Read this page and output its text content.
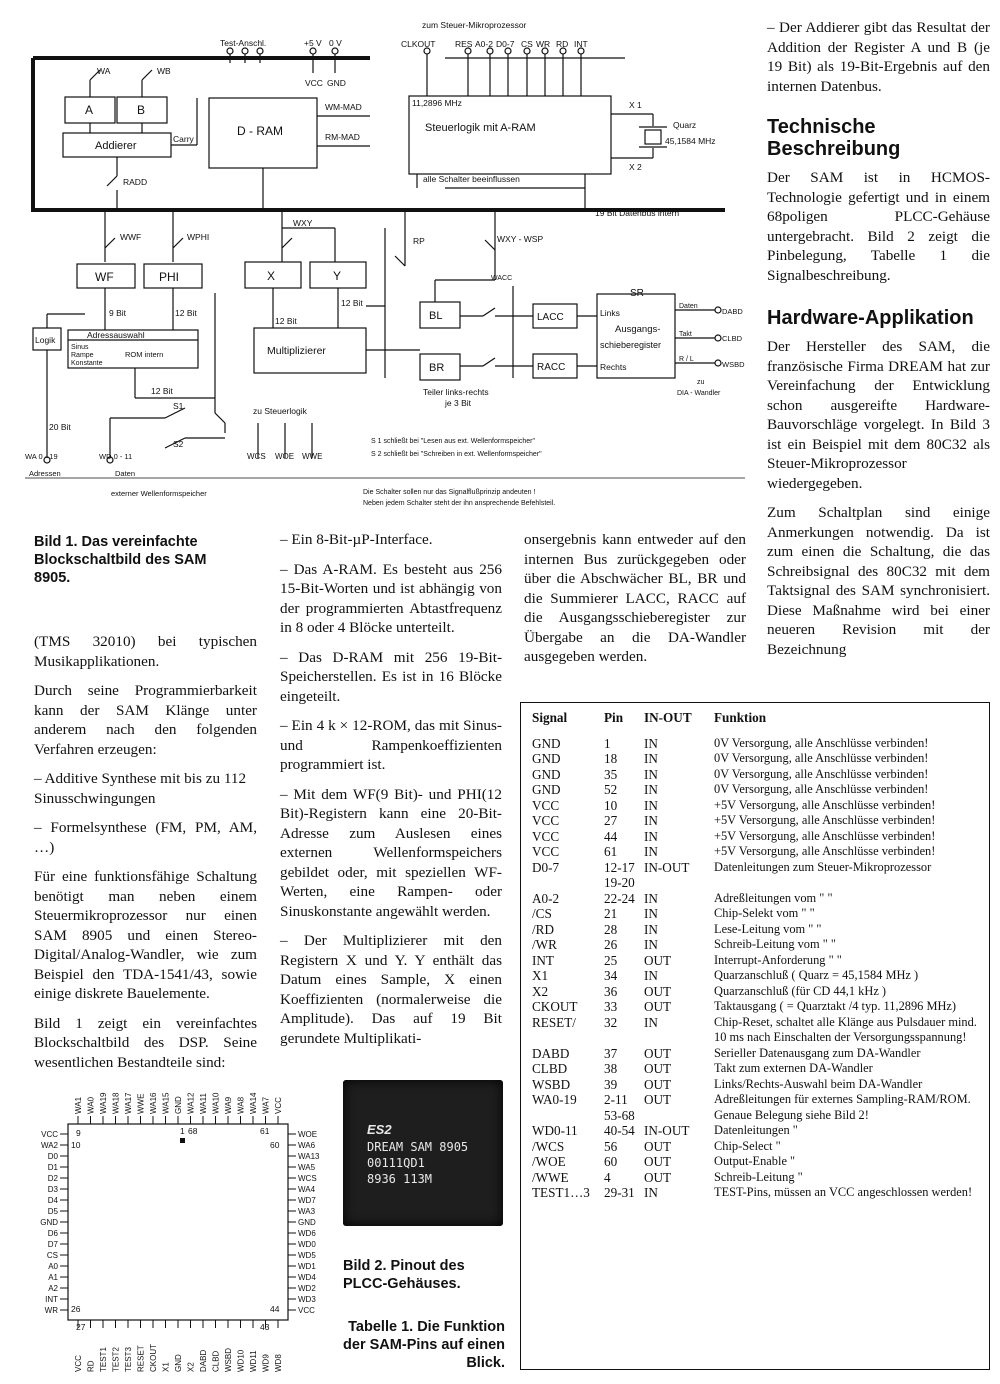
zum Steuer-Mikroprozessor
Test-Anschl.	+5 V 0 V
VCC GND
CLKOUT RES A0-2 D0-7 CS WR RD INT
WA	WB
A	B
Addierer
Carry
RADD
D - RAM
WM-MAD
RM-MAD
11,2896 MHz
Steuerlogik mit A-RAM
alle Schalter beeinflussen
X 1
X 2
Quarz
45,1584 MHz
19 Bit Datenbus intern
WWF	WPHI
WXY
RP	WXY - WSP
WF	PHI	X	Y
9 Bit	12 Bit
12 Bit
12 Bit
12 Bit
20 Bit
Logik	Adressauswahl
Sinus
Rampe
Konstante
ROM intern	Multiplizierer
WACC
BL
BR
LACC
RACC
SR
Links
Ausgangs-
schieberegister
Rechts
Daten
Takt
R / L
DABD
CLBD
WSBD
zu
DIA - Wandler
Teiler links-rechts
je 3 Bit
S1
S2
zu Steuerlogik
WCS WOE WWE
WA 0 - 19
Adressen
WD 0 - 11
Daten
externer Wellenformspeicher
S 1 schließt bei "Lesen aus ext. Wellenformspeicher"
S 2 schließt bei "Schreiben in ext. Wellenformspeicher"
Die Schalter sollen nur das Signalflußprinzip andeuten !
Neben jedem Schalter steht der ihn ansprechende Befehlsteil.
Bild 1. Das vereinfachte Blockschaltbild des SAM 8905.

(TMS 32010) bei typischen Musikapplikationen.

Durch seine Programmierbarkeit kann der SAM Klänge unter anderem nach den folgenden Verfahren erzeugen:

– Additive Synthese mit bis zu 112 Sinusschwingungen

– Formelsynthese (FM, PM, AM, …)

Für eine funktionsfähige Schaltung benötigt man neben einem Steuermikroprozessor nur einen SAM 8905 und einen Stereo-Digital/Analog-Wandler, wie zum Beispiel den TDA-1541/43, sowie einige diskrete Bauelemente.

Bild 1 zeigt ein vereinfachtes Blockschaltbild des DSP. Seine wesentlichen Bestandteile sind:

– Ein 8-Bit-µP-Interface.

– Das A-RAM. Es besteht aus 256 15-Bit-Worten und ist abhängig von der programmierten Abtastfrequenz in 8 oder 4 Blöcke unterteilt.

– Das D-RAM mit 256 19-Bit-Speicherstellen. Es ist in 16 Blöcke eingeteilt.

– Ein 4 k × 12-ROM, das mit Sinus- und Rampenkoeffizienten programmiert ist.

– Mit dem WF(9 Bit)- und PHI(12 Bit)-Registern kann eine 20-Bit-Adresse zum Auslesen eines externen Wellenformspeichers gebildet oder, mit speziellen WF-Werten, eine Rampen- oder Sinuskonstante angewählt werden.

– Der Multiplizierer mit den Registern X und Y. Y enthält das Datum eines Sample, X einen Koeffizienten (normalerweise die Amplitude). Das auf 19 Bit gerundete Multiplikati-

onsergebnis kann entweder auf den internen Bus zurückgegeben oder über die Abschwächer BL, BR und die Summierer LACC, RACC auf die Ausgangsschieberegister zur Übergabe an die DA-Wandler ausgegeben werden.

– Der Addierer gibt das Resultat der Addition der Register A und B (je 19 Bit) als 19-Bit-Ergebnis auf den internen Datenbus.

Technische Beschreibung

Der SAM ist in HCMOS-Technologie gefertigt und in einem 68poligen PLCC-Gehäuse untergebracht. Bild 2 zeigt die Pinbelegung, Tabelle 1 die Signalbeschreibung.

Hardware-Applikation

Der Hersteller des SAM, die französische Firma DREAM hat zur Vereinfachung der Entwicklung schon ausgereifte Hardware-Bauvorschläge vorgelegt. In Bild 3 ist ein Beispiel mit dem 80C32 als Steuer-Mikroprozessor wiedergegeben.

Zum Schaltplan sind einige Anmerkungen notwendig. Da ist zum einen die Schaltung, die das Schreibsignal des 80C32 mit dem Taktsignal des SAM synchronisiert. Diese Maßnahme wird bei einer neueren Revision mit der Bezeichnung

WA1 WA0 WA19 WA18 WA17 WWE WA16 WA15 GND WA12 WA11 WA10 WA9 WA8 WA14 WA7 VCC
VCC RD TEST1 TEST2 TEST3 RESET CKOUT X1 GND X2 DABD CLBD WSBD WD10 WD11 WD9 WD8
VCC
WA2
D0
D1
D2
D3
D4
D5
GND
D6
D7
CS
A0
A1
A2
INT
WR
WOE
WA6
WA13
WA5
WCS
WA4
WD7
WA3
GND
WD6
WD0
WD5
WD1
WD4
WD2
WD3
VCC
9	1 68	61
10	60
26	44
27	43
ES2
DREAM SAM 8905
00111QD1
8936 113M
Bild 2. Pinout des PLCC-Gehäuses.
Tabelle 1. Die Funktion der SAM-Pins auf einen Blick.
Signal	Pin	IN-OUT	Funktion
GND	1	IN	0V Versorgung, alle Anschlüsse verbinden!
GND	18	IN	0V Versorgung, alle Anschlüsse verbinden!
GND	35	IN	0V Versorgung, alle Anschlüsse verbinden!
GND	52	IN	0V Versorgung, alle Anschlüsse verbinden!
VCC	10	IN	+5V Versorgung, alle Anschlüsse verbinden!
VCC	27	IN	+5V Versorgung, alle Anschlüsse verbinden!
VCC	44	IN	+5V Versorgung, alle Anschlüsse verbinden!
VCC	61	IN	+5V Versorgung, alle Anschlüsse verbinden!
D0-7	12-17 19-20	IN-OUT	Datenleitungen zum Steuer-Mikroprozessor
A0-2	22-24	IN	Adreßleitungen vom " "
/CS	21	IN	Chip-Selekt vom " "
/RD	28	IN	Lese-Leitung vom " "
/WR	26	IN	Schreib-Leitung vom " "
INT	25	OUT	Interrupt-Anforderung " "
X1	34	IN	Quarzanschluß ( Quarz = 45,1584 MHz )
X2	36	OUT	Quarzanschluß (für CD 44,1 kHz )
CKOUT	33	OUT	Taktausgang ( = Quarztakt /4 typ. 11,2896 MHz)
RESET/	32	IN	Chip-Reset, schaltet alle Klänge aus Pulsdauer mind. 10 ms nach Einschalten der Versorgungsspannung!
DABD	37	OUT	Serieller Datenausgang zum DA-Wandler
CLBD	38	OUT	Takt zum externen DA-Wandler
WSBD	39	OUT	Links/Rechts-Auswahl beim DA-Wandler
WA0-19	2-11 53-68	OUT	Adreßleitungen für externes Sampling-RAM/ROM. Genaue Belegung siehe Bild 2!
WD0-11	40-54	IN-OUT	Datenleitungen "
/WCS	56	OUT	Chip-Select "
/WOE	60	OUT	Output-Enable "
/WWE	4	OUT	Schreib-Leitung "
TEST1…3	29-31	IN	TEST-Pins, müssen an VCC angeschlossen werden!
